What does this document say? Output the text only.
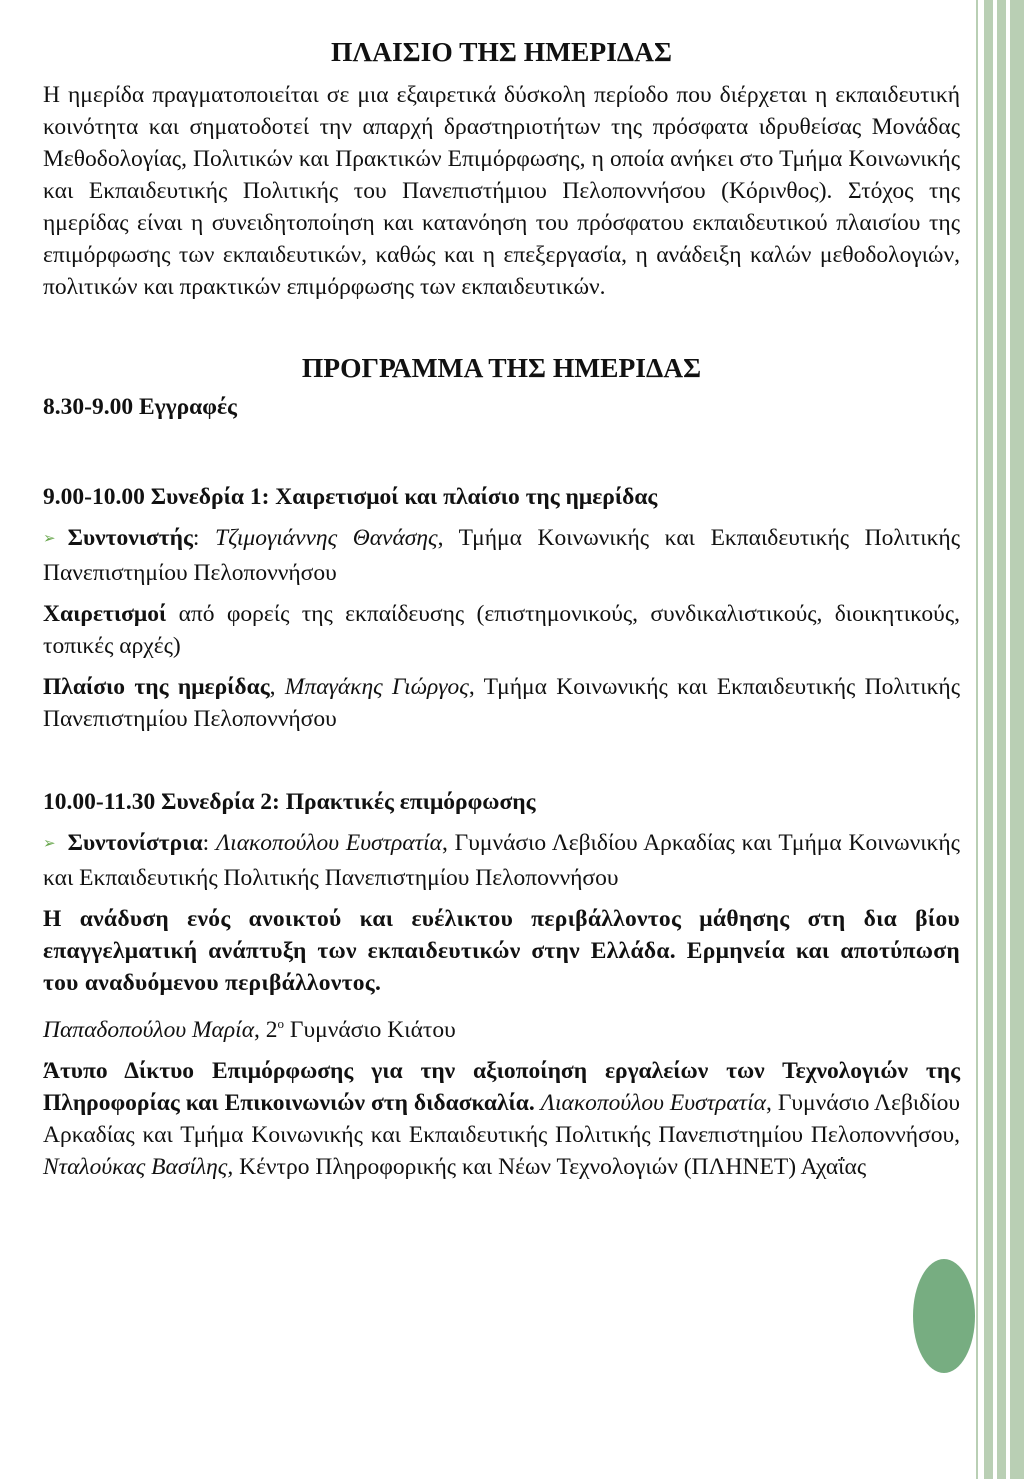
ΠΛΑΙΣΙΟ ΤΗΣ ΗΜΕΡΙΔΑΣ

Η ημερίδα πραγματοποιείται σε μια εξαιρετικά δύσκολη περίοδο που διέρχεται η εκπαιδευτική κοινότητα και σηματοδοτεί την απαρχή δραστηριοτήτων της πρόσφατα ιδρυθείσας Μονάδας Μεθοδολογίας, Πολιτικών και Πρακτικών Επιμόρφωσης, η οποία ανήκει στο Τμήμα Κοινωνικής και Εκπαιδευτικής Πολιτικής του Πανεπιστήμιου Πελοποννήσου (Κόρινθος). Στόχος της ημερίδας είναι η συνειδητοποίηση και κατανόηση του πρόσφατου εκπαιδευτικού πλαισίου της επιμόρφωσης των εκπαιδευτικών, καθώς και η επεξεργασία, η ανάδειξη καλών μεθοδολογιών, πολιτικών και πρακτικών επιμόρφωσης των εκπαιδευτικών.

ΠΡΟΓΡΑΜΜΑ ΤΗΣ ΗΜΕΡΙΔΑΣ

8.30-9.00 Εγγραφές

9.00-10.00 Συνεδρία 1: Χαιρετισμοί και πλαίσιο της ημερίδας

➢ Συντονιστής: Τζιμογιάννης Θανάσης, Τμήμα Κοινωνικής και Εκπαιδευτικής Πολιτικής Πανεπιστημίου Πελοποννήσου

Χαιρετισμοί από φορείς της εκπαίδευσης (επιστημονικούς, συνδικαλιστικούς, διοικητικούς, τοπικές αρχές)

Πλαίσιο της ημερίδας, Μπαγάκης Γιώργος, Τμήμα Κοινωνικής και Εκπαιδευτικής Πολιτικής Πανεπιστημίου Πελοποννήσου

10.00-11.30 Συνεδρία 2: Πρακτικές επιμόρφωσης

➢ Συντονίστρια: Λιακοπούλου Ευστρατία, Γυμνάσιο Λεβιδίου Αρκαδίας και Τμήμα Κοινωνικής και Εκπαιδευτικής Πολιτικής Πανεπιστημίου Πελοποννήσου

Η ανάδυση ενός ανοικτού και ευέλικτου περιβάλλοντος μάθησης στη δια βίου επαγγελματική ανάπτυξη των εκπαιδευτικών στην Ελλάδα. Ερμηνεία και αποτύπωση του αναδυόμενου περιβάλλοντος.

Παπαδοπούλου Μαρία, $2^o$ Γυμνάσιο Κιάτου

Άτυπο Δίκτυο Επιμόρφωσης για την αξιοποίηση εργαλείων των Τεχνολογιών της Πληροφορίας και Επικοινωνιών στη διδασκαλία. Λιακοπούλου Ευστρατία, Γυμνάσιο Λεβιδίου Αρκαδίας και Τμήμα Κοινωνικής και Εκπαιδευτικής Πολιτικής Πανεπιστημίου Πελοποννήσου, Νταλούκας Βασίλης, Κέντρο Πληροφορικής και Νέων Τεχνολογιών (ΠΛΗΝΕΤ) Αχαΐας
